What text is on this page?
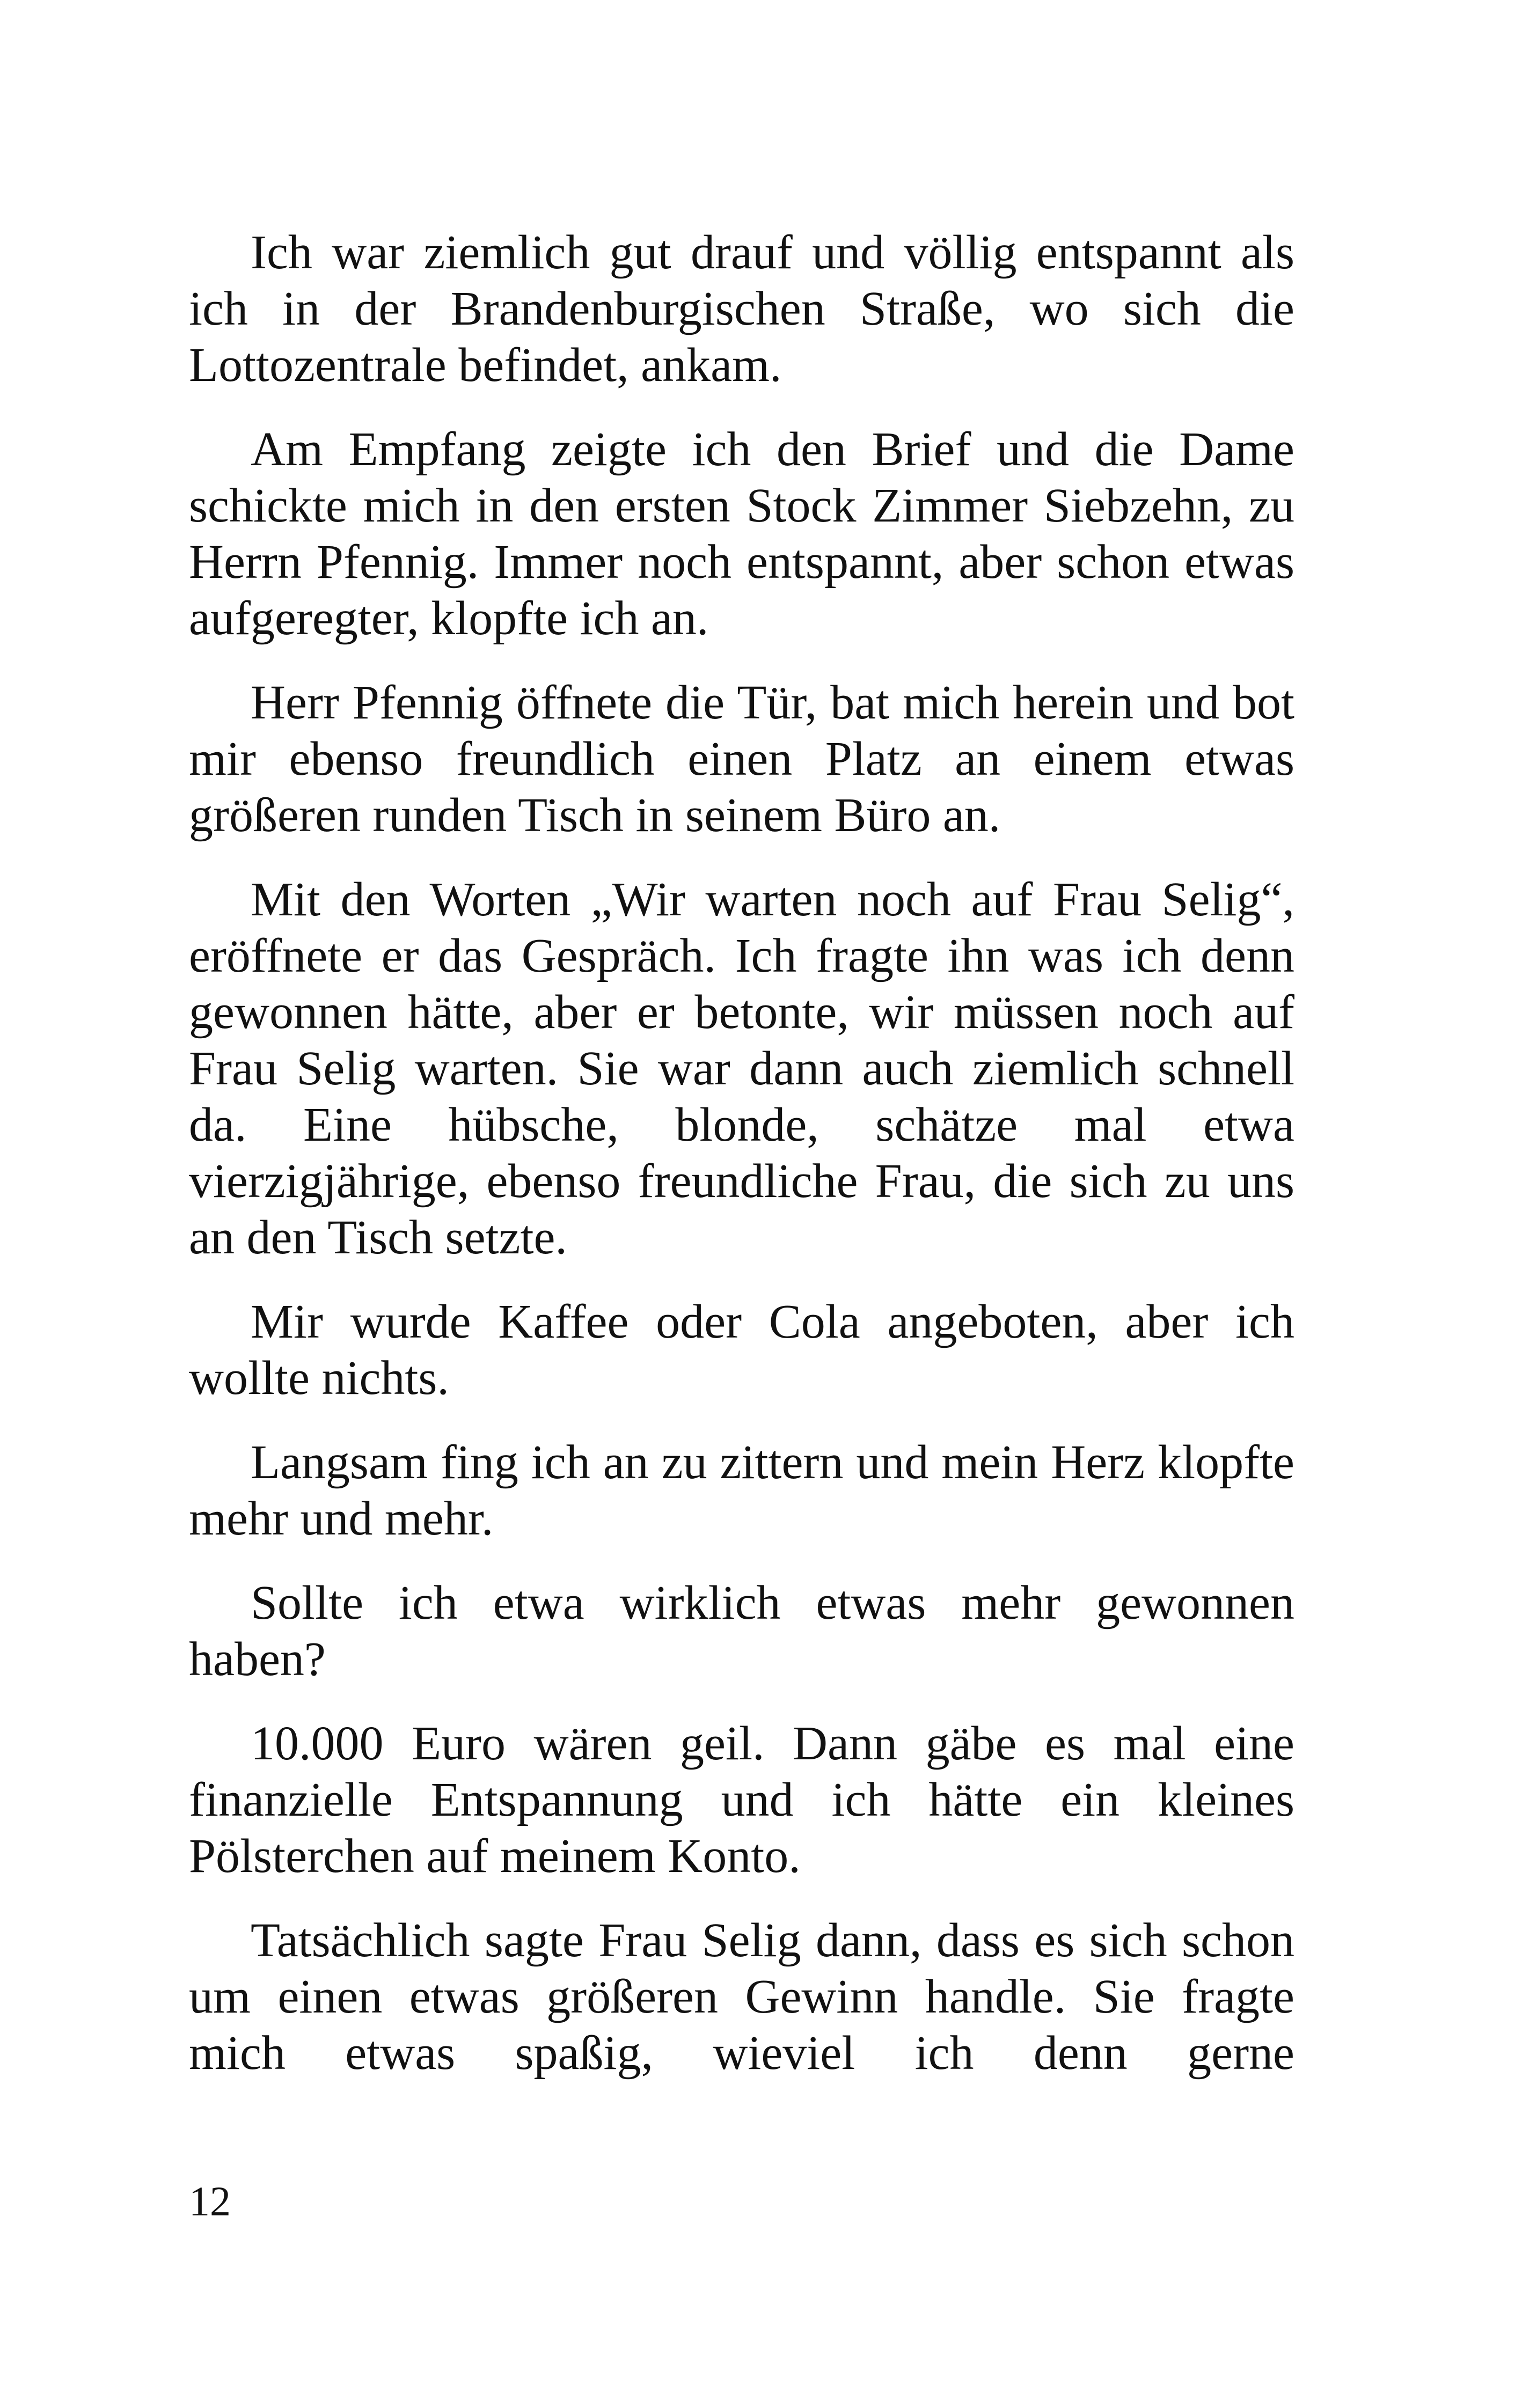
Ich war ziemlich gut drauf und völlig entspannt als ich in der Brandenburgischen Straße, wo sich die Lottozentrale befindet, ankam.

Am Empfang zeigte ich den Brief und die Dame schickte mich in den ersten Stock Zimmer Siebzehn, zu Herrn Pfennig. Immer noch entspannt, aber schon etwas aufgeregter, klopfte ich an.

Herr Pfennig öffnete die Tür, bat mich herein und bot mir ebenso freundlich einen Platz an einem etwas größeren runden Tisch in seinem Büro an.

Mit den Worten „Wir warten noch auf Frau Selig“, eröffnete er das Gespräch. Ich fragte ihn was ich denn gewonnen hätte, aber er betonte, wir müssen noch auf Frau Selig warten. Sie war dann auch ziemlich schnell da. Eine hübsche, blonde, schätze mal etwa vierzigjährige, ebenso freundliche Frau, die sich zu uns an den Tisch setzte.

Mir wurde Kaffee oder Cola angeboten, aber ich wollte nichts.

Langsam fing ich an zu zittern und mein Herz klopfte mehr und mehr.

Sollte ich etwa wirklich etwas mehr gewonnen haben?

10.000 Euro wären geil. Dann gäbe es mal eine finanzielle Entspannung und ich hätte ein kleines Pölsterchen auf meinem Konto.

Tatsächlich sagte Frau Selig dann, dass es sich schon um einen etwas größeren Gewinn handle. Sie fragte mich etwas spaßig, wieviel ich denn gerne

12
